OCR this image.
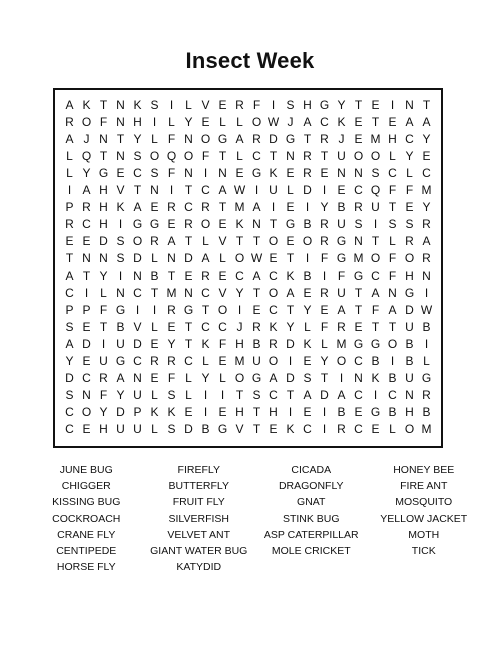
Insect Week
A K T N K S I L V E R F I S H G Y T E I N T
R O F N H I L Y E L L O W J A C K E T E A A
A J N T Y L F N O G A R D G T R J E M H C Y
L Q T N S O Q O F T L C T N R T U O O L Y E
L Y G E C S F N I N E G K E R E N N S C L C
I A H V T N I T C A W I U L D I E C Q F F M
P R H K A E R C R T M A I E I Y B R U T E Y
R C H I G G E R O E K N T G B R U S I S S R
E E D S O R A T L V T T O E O R G N T L R A
T N N S D L N D A L O W E T I F G M O F O R
A T Y I N B T E R E C A C K B I F G C F H N
C I L N C T M N C V Y T O A E R U T A N G I
P P F G I	I R G T O I E C T Y E A T F A D W
S E T B V L E T C C J R K Y L F R E T T U B
A D I U D E Y T K F H B R D K L M G G O B I
Y E U G C R R C L E M U O I E Y O C B I B L
D C R A N E F L Y L O G A D S T I N K B U G
S N F Y U L S L I	I T S C T A D A C I C N R
C O Y D P K K E I E H T H I E I B E G B H B
C E H U U L S D B G V T E K C I R C E L O M
JUNE BUG	FIREFLY	CICADA	HONEY BEE
CHIGGER	BUTTERFLY	DRAGONFLY	FIRE ANT
KISSING BUG	FRUIT FLY	GNAT	MOSQUITO
COCKROACH	SILVERFISH	STINK BUG	YELLOW JACKET
CRANE FLY	VELVET ANT	ASP CATERPILLAR	MOTH
CENTIPEDE	GIANT WATER BUG	MOLE CRICKET	TICK
HORSE FLY	KATYDID
